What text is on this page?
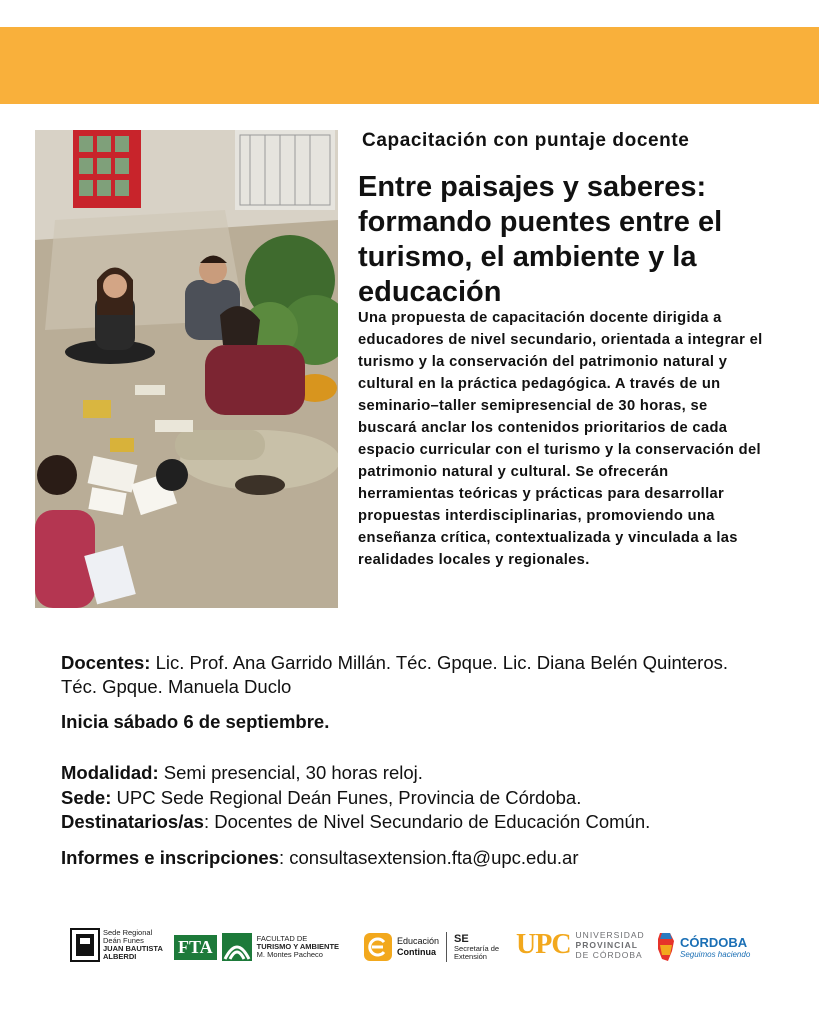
Capacitación con puntaje docente
Entre paisajes y saberes: formando puentes entre el turismo, el ambiente y la educación

Una propuesta de capacitación docente dirigida a educadores de nivel secundario, orientada a integrar el turismo y la conservación del patrimonio natural y cultural en la práctica pedagógica. A través de un seminario–taller semipresencial de 30 horas, se buscará anclar los contenidos prioritarios de cada espacio curricular con el turismo y la conservación del patrimonio natural y cultural. Se ofrecerán herramientas teóricas y prácticas para desarrollar propuestas interdisciplinarias, promoviendo una enseñanza crítica, contextualizada y vinculada a las realidades locales y regionales.

Docentes: Lic. Prof. Ana Garrido Millán. Téc. Gpque. Lic. Diana Belén Quinteros. Téc. Gpque. Manuela Duclo
Inicia sábado 6 de septiembre.
Modalidad: Semi presencial, 30 horas reloj.
Sede: UPC Sede Regional Deán Funes, Provincia de Córdoba.
Destinatarios/as: Docentes de Nivel Secundario de Educación Común.
Informes e inscripciones: consultasextension.fta@upc.edu.ar
Sede Regional
Deán Funes
JUAN BAUTISTA
ALBERDI	FTA	FACULTAD DE
TURISMO Y AMBIENTE
M. Montes Pacheco
Educación
Continua
SE
Secretaría de
Extensión	UPC UNIVERSIDAD
PROVINCIAL
DE CÓRDOBA
CÓRDOBA
Seguimos haciendo
